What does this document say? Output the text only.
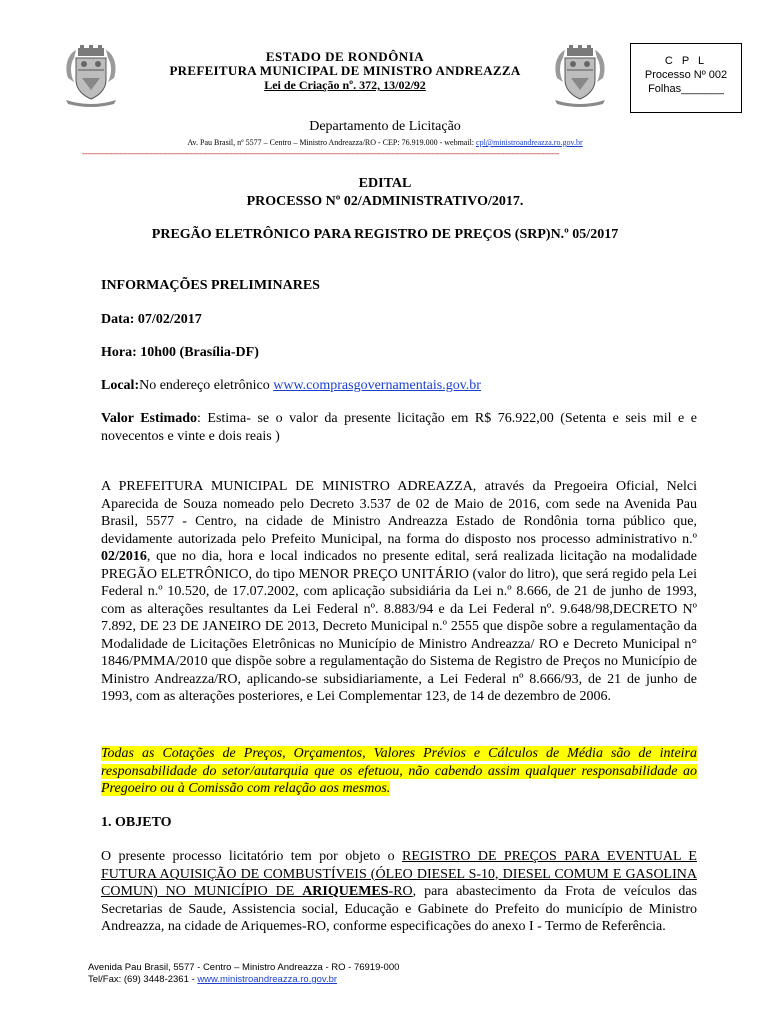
ESTADO DE RONDÔNIA
PREFEITURA MUNICIPAL DE MINISTRO ANDREAZZA
Lei de Criação nº. 372, 13/02/92
C P L
Processo Nº 002
Folhas_______
Departamento de Licitação
Av. Pau Brasil, nº 5577 – Centro – Ministro Andreazza/RO - CEP: 76.919.000 - webmail: cpl@ministroandreazza.ro.gov.br
-----------------------------------------------------------------------------------------------------------------------------------------------------------------------------------------------
EDITAL
PROCESSO Nº 02/ADMINISTRATIVO/2017.
PREGÃO ELETRÔNICO PARA REGISTRO DE PREÇOS (SRP)N.º 05/2017
INFORMAÇÕES PRELIMINARES
Data: 07/02/2017
Hora: 10h00 (Brasília-DF)
Local:No endereço eletrônico www.comprasgovernamentais.gov.br
Valor Estimado: Estima- se o valor da presente licitação em R$ 76.922,00 (Setenta e seis mil e e novecentos e vinte e dois reais )
A PREFEITURA MUNICIPAL DE MINISTRO ADREAZZA, através da Pregoeira Oficial, Nelci Aparecida de Souza nomeado pelo Decreto 3.537 de 02 de Maio de 2016, com sede na Avenida Pau Brasil, 5577 - Centro, na cidade de Ministro Andreazza Estado de Rondônia torna público que, devidamente autorizada pelo Prefeito Municipal, na forma do disposto nos processo administrativo n.º 02/2016, que no dia, hora e local indicados no presente edital, será realizada licitação na modalidade PREGÃO ELETRÔNICO, do tipo MENOR PREÇO UNITÁRIO (valor do litro), que será regido pela Lei Federal n.º 10.520, de 17.07.2002, com aplicação subsidiária da Lei n.º 8.666, de 21 de junho de 1993, com as alterações resultantes da Lei Federal nº. 8.883/94 e da Lei Federal nº. 9.648/98,DECRETO Nº 7.892, DE 23 DE JANEIRO DE 2013, Decreto Municipal n.º 2555 que dispõe sobre a regulamentação da Modalidade de Licitações Eletrônicas no Município de Ministro Andreazza/ RO e Decreto Municipal n° 1846/PMMA/2010 que dispõe sobre a regulamentação do Sistema de Registro de Preços no Município de Ministro Andreazza/RO, aplicando-se subsidiariamente, a Lei Federal nº 8.666/93, de 21 de junho de 1993, com as alterações posteriores, e Lei Complementar 123, de 14 de dezembro de 2006.
Todas as Cotações de Preços, Orçamentos, Valores Prévios e Cálculos de Média são de inteira responsabilidade do setor/autarquia que os efetuou, não cabendo assim qualquer responsabilidade ao Pregoeiro ou à Comissão com relação aos mesmos.
1. OBJETO
O presente processo licitatório tem por objeto o REGISTRO DE PREÇOS PARA EVENTUAL E FUTURA AQUISIÇÃO DE COMBUSTÍVEIS (ÓLEO DIESEL S-10, DIESEL COMUM E GASOLINA COMUN) NO MUNICÍPIO DE ARIQUEMES-RO, para abastecimento da Frota de veículos das Secretarias de Saude, Assistencia social, Educação e Gabinete do Prefeito do município de Ministro Andreazza, na cidade de Ariquemes-RO, conforme especificações do anexo I - Termo de Referência.
Avenida Pau Brasil, 5577 - Centro – Ministro Andreazza - RO - 76919-000
Tel/Fax: (69) 3448-2361 - www.ministroandreazza.ro.gov.br
